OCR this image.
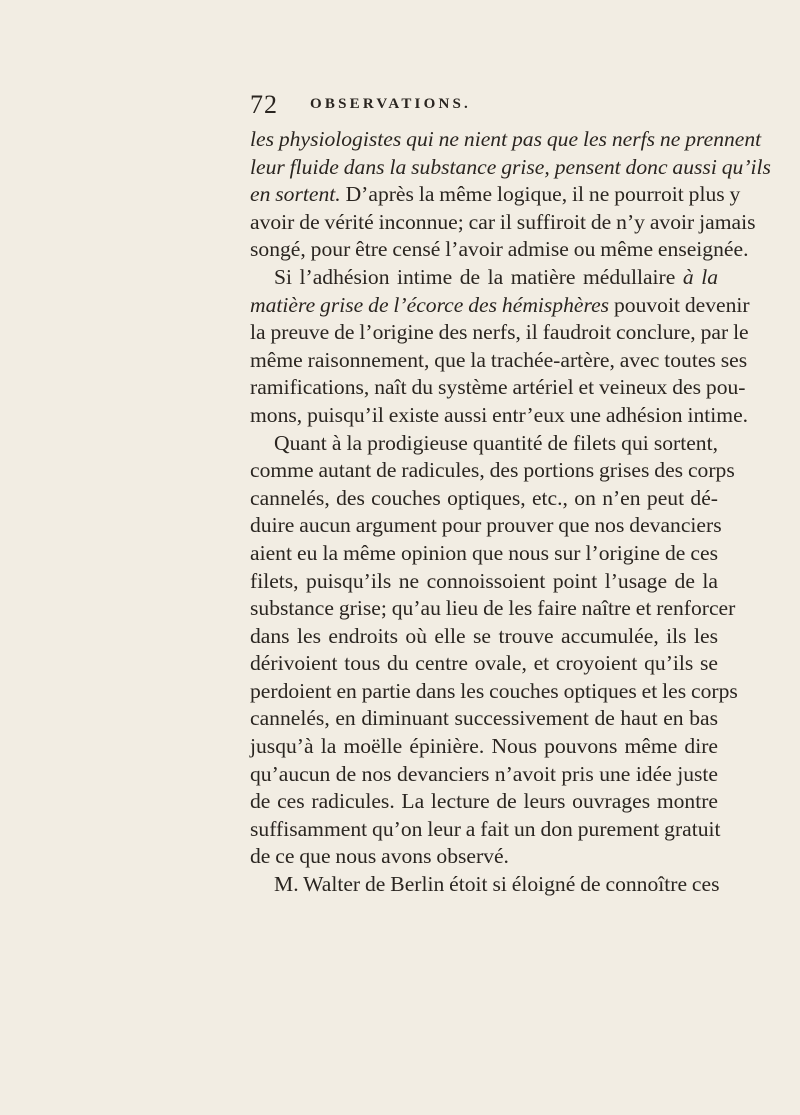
72 OBSERVATIONS.
les physiologistes qui ne nient pas que les nerfs ne prennent
leur fluide dans la substance grise, pensent donc aussi qu’ils
en sortent. D’après la même logique, il ne pourroit plus y
avoir de vérité inconnue; car il suffiroit de n’y avoir jamais
songé, pour être censé l’avoir admise ou même enseignée.
Si l’adhésion intime de la matière médullaire à la
matière grise de l’écorce des hémisphères pouvoit devenir
la preuve de l’origine des nerfs, il faudroit conclure, par le
même raisonnement, que la trachée-artère, avec toutes ses
ramifications, naît du système artériel et veineux des pou-
mons, puisqu’il existe aussi entr’eux une adhésion intime.
Quant à la prodigieuse quantité de filets qui sortent,
comme autant de radicules, des portions grises des corps
cannelés, des couches optiques, etc., on n’en peut dé-
duire aucun argument pour prouver que nos devanciers
aient eu la même opinion que nous sur l’origine de ces
filets, puisqu’ils ne connoissoient point l’usage de la
substance grise; qu’au lieu de les faire naître et renforcer
dans les endroits où elle se trouve accumulée, ils les
dérivoient tous du centre ovale, et croyoient qu’ils se
perdoient en partie dans les couches optiques et les corps
cannelés, en diminuant successivement de haut en bas
jusqu’à la moëlle épinière. Nous pouvons même dire
qu’aucun de nos devanciers n’avoit pris une idée juste
de ces radicules. La lecture de leurs ouvrages montre
suffisamment qu’on leur a fait un don purement gratuit
de ce que nous avons observé.
M. Walter de Berlin étoit si éloigné de connoître ces
